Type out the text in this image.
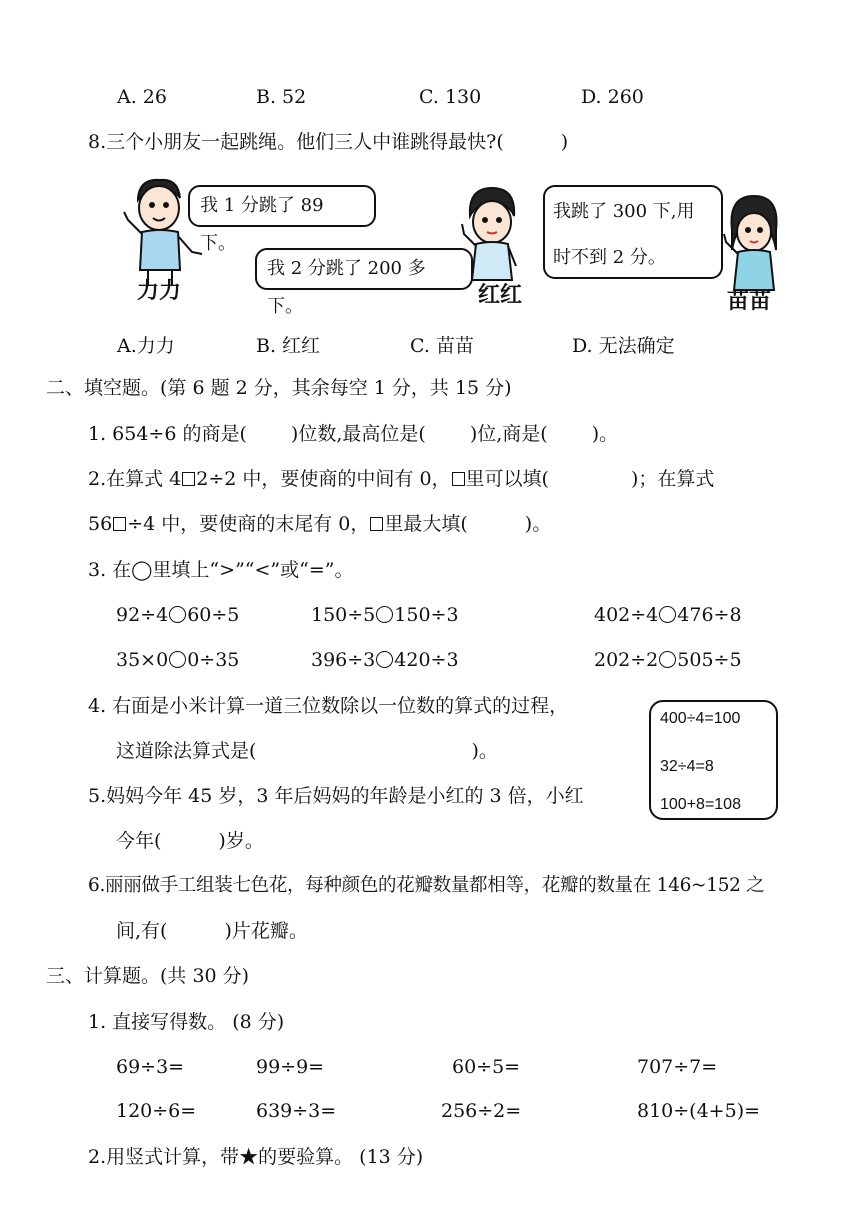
A. 26	B. 52	C. 130	D. 260
8.三个小朋友一起跳绳。他们三人中谁跳得最快?(　　　)
我 1 分跳了 89 下。
我 2 分跳了 200 多下。
我跳了 300 下,用
时不到 2 分。
力力	红红	苗苗
A.力力	B. 红红	C. 苗苗	D. 无法确定
二、填空题。(第 6 题 2 分，其余每空 1 分，共 15 分)
1. 654÷6 的商是(　　 )位数,最高位是(　　 )位,商是(　　 )。
2.在算式 4 2÷2 中，要使商的中间有 0， 里可以填(　　　　 )；在算式
56 ÷4 中，要使商的末尾有 0， 里最大填(　　　)。
3. 在◯里填上“>”“<”或“=”。
92÷4 60÷5	150÷5 150÷3	402÷4 476÷8
35×0 0÷35	396÷3 420÷3	202÷2 505÷5
4. 右面是小米计算一道三位数除以一位数的算式的过程，
这道除法算式是(　　　　　　　　　　　 )。
400÷4=100
32÷4=8
100+8=108
5.妈妈今年 45 岁，3 年后妈妈的年龄是小红的 3 倍，小红
今年(　　　)岁。
6.丽丽做手工组装七色花，每种颜色的花瓣数量都相等，花瓣的数量在 146~152 之
间,有(　　　)片花瓣。
三、计算题。(共 30 分)
1. 直接写得数。 (8 分)
69÷3=	99÷9=	60÷5=	707÷7=
120÷6=	639÷3=	256÷2=	810÷(4+5)=
2.用竖式计算，带★的要验算。 (13 分)
